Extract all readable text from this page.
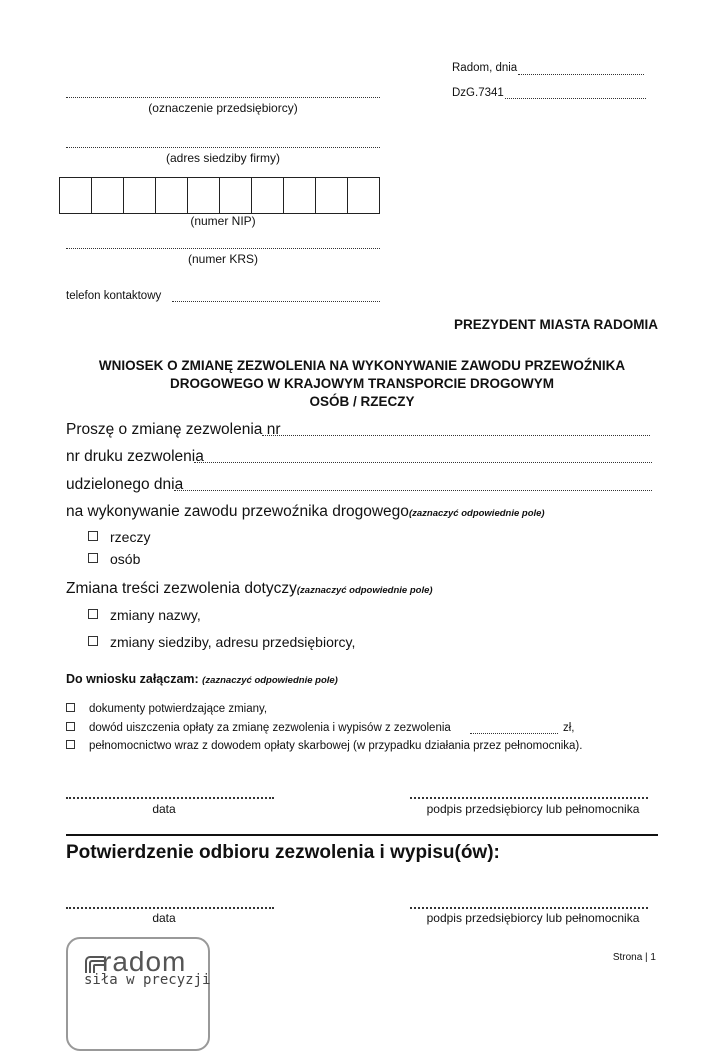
Radom, dnia
DzG.7341
(oznaczenie przedsiębiorcy)
(adres siedziby firmy)
(numer NIP)
(numer KRS)
telefon kontaktowy
PREZYDENT MIASTA RADOMIA
WNIOSEK O ZMIANĘ ZEZWOLENIA NA WYKONYWANIE ZAWODU PRZEWOŹNIKA
DROGOWEGO W KRAJOWYM TRANSPORCIE DROGOWYM
OSÓB / RZECZY
Proszę o zmianę zezwolenia nr
nr druku zezwolenia
udzielonego dnia
na wykonywanie zawodu przewoźnika drogowego(zaznaczyć odpowiednie pole)
rzeczy
osób
Zmiana treści zezwolenia dotyczy(zaznaczyć odpowiednie pole)
zmiany nazwy,
zmiany siedziby, adresu przedsiębiorcy,
Do wniosku załączam: (zaznaczyć odpowiednie pole)
dokumenty potwierdzające zmiany,
dowód uiszczenia opłaty za zmianę zezwolenia i wypisów z zezwolenia	zł,
pełnomocnictwo wraz z dowodem opłaty skarbowej (w przypadku działania przez pełnomocnika).
data	podpis przedsiębiorcy lub pełnomocnika
Potwierdzenie odbioru zezwolenia i wypisu(ów):
data	podpis przedsiębiorcy lub pełnomocnika
radom
siła w precyzji
Strona | 1
